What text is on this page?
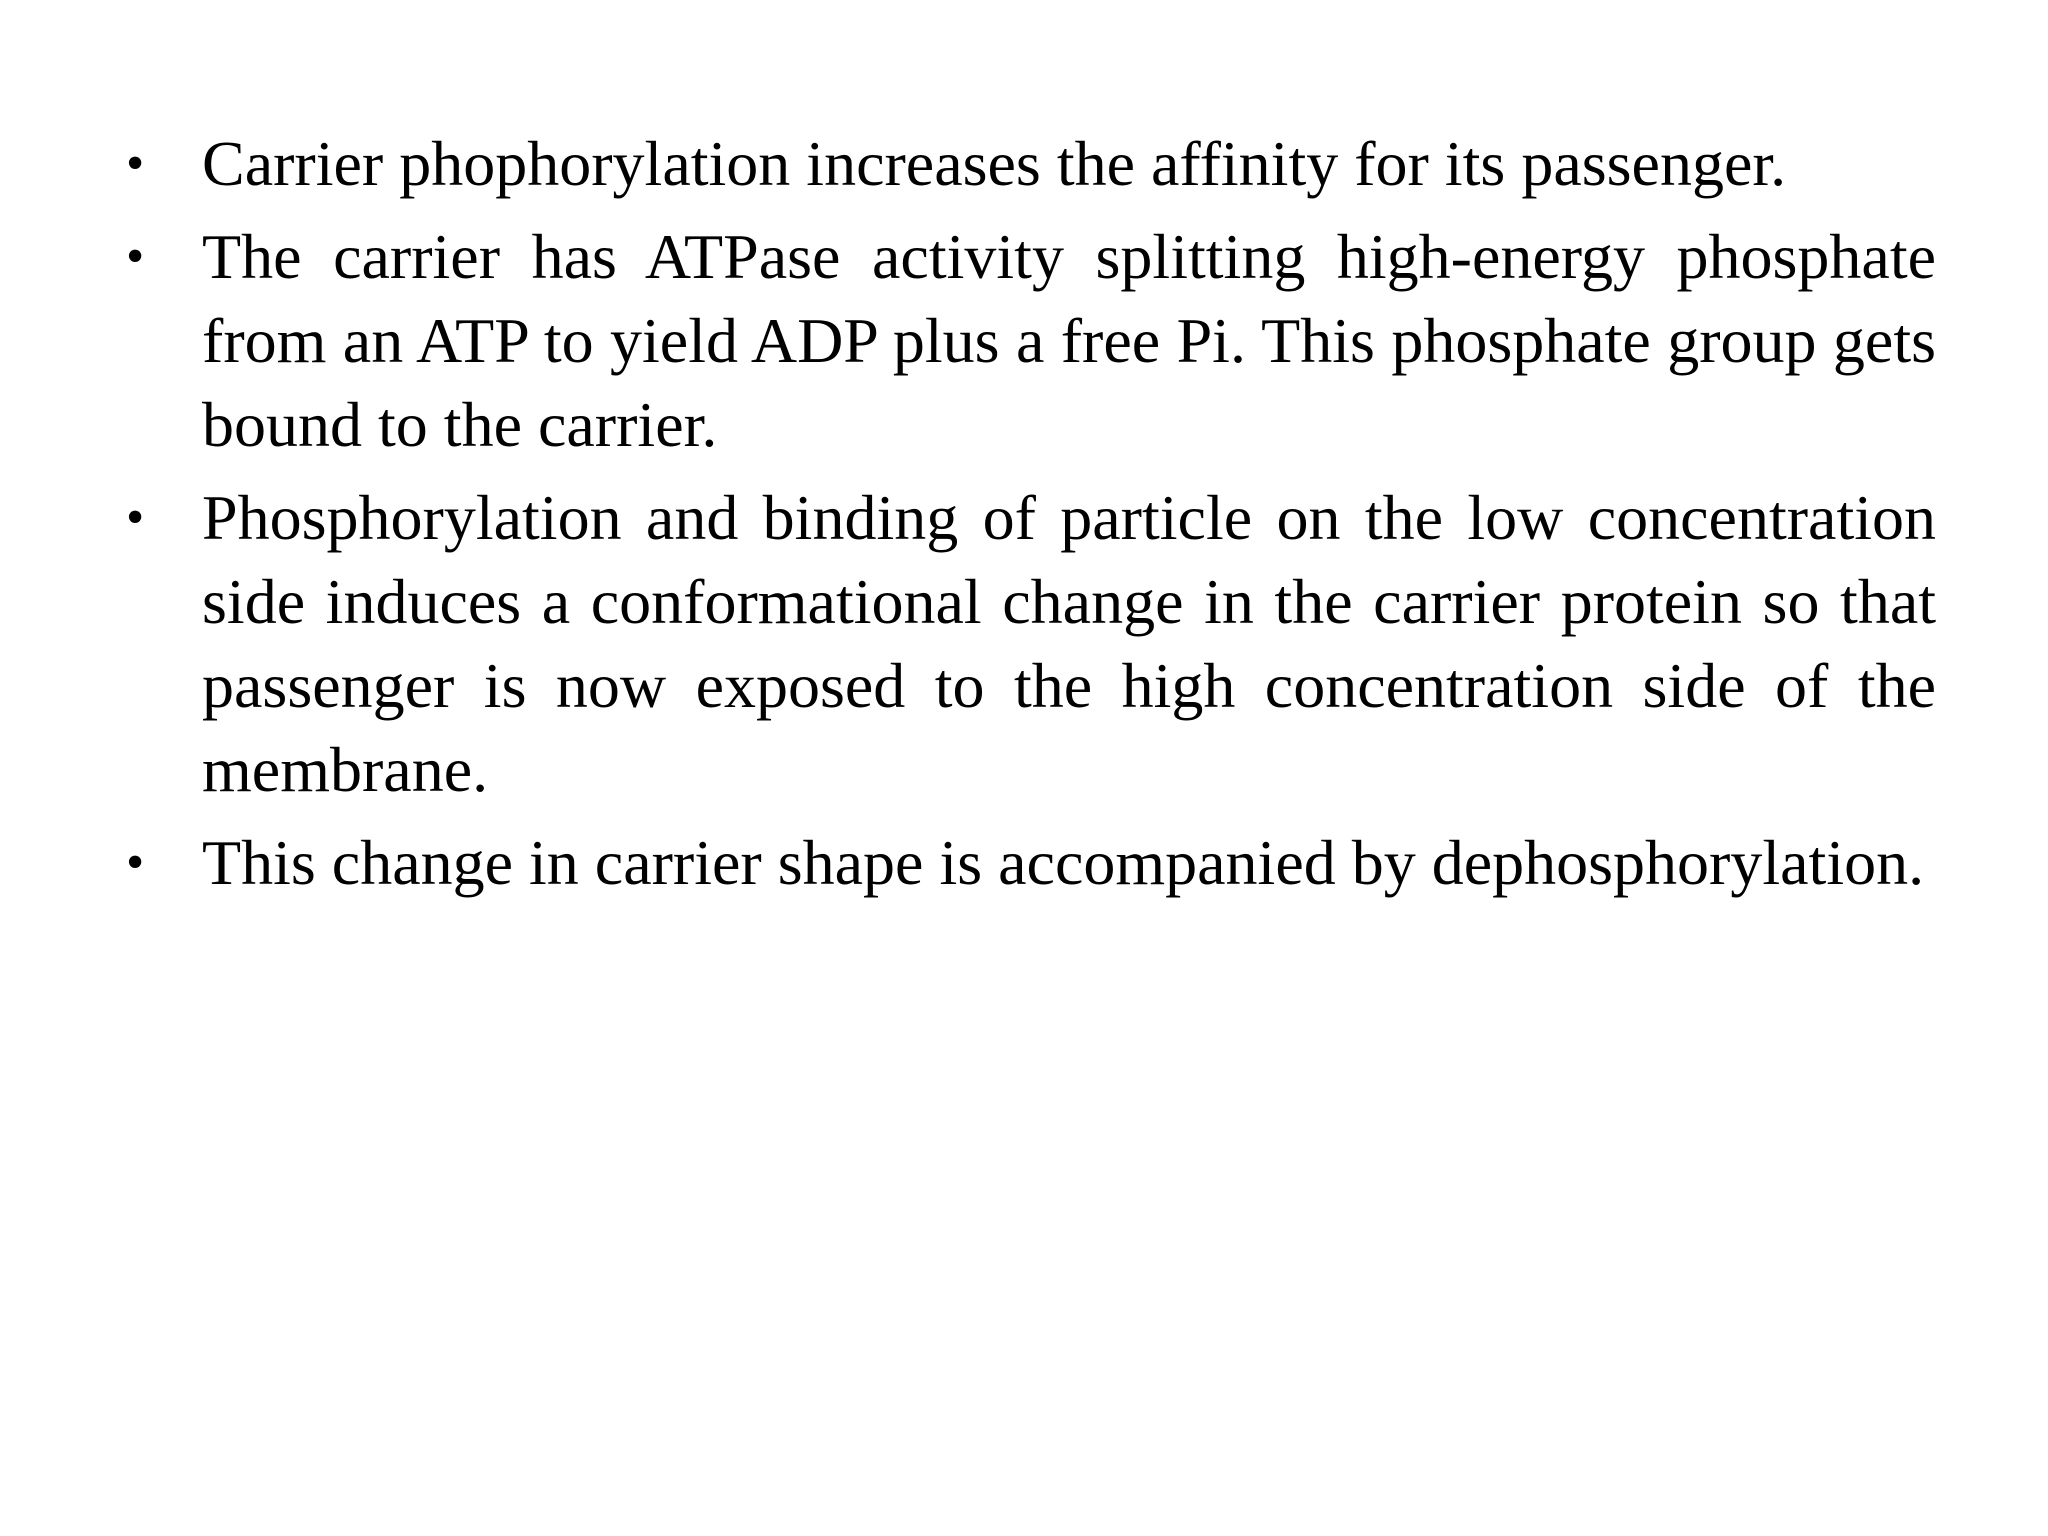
• Carrier phophorylation increases the affinity for its passenger.
• The carrier has ATPase activity splitting high-energy phosphate from an ATP to yield ADP plus a free Pi. This phosphate group gets bound to the carrier.
• Phosphorylation and binding of particle on the low concentration side induces a conformational change in the carrier protein so that passenger is now exposed to the high concentration side of the membrane.
• This change in carrier shape is accompanied by dephosphorylation.
